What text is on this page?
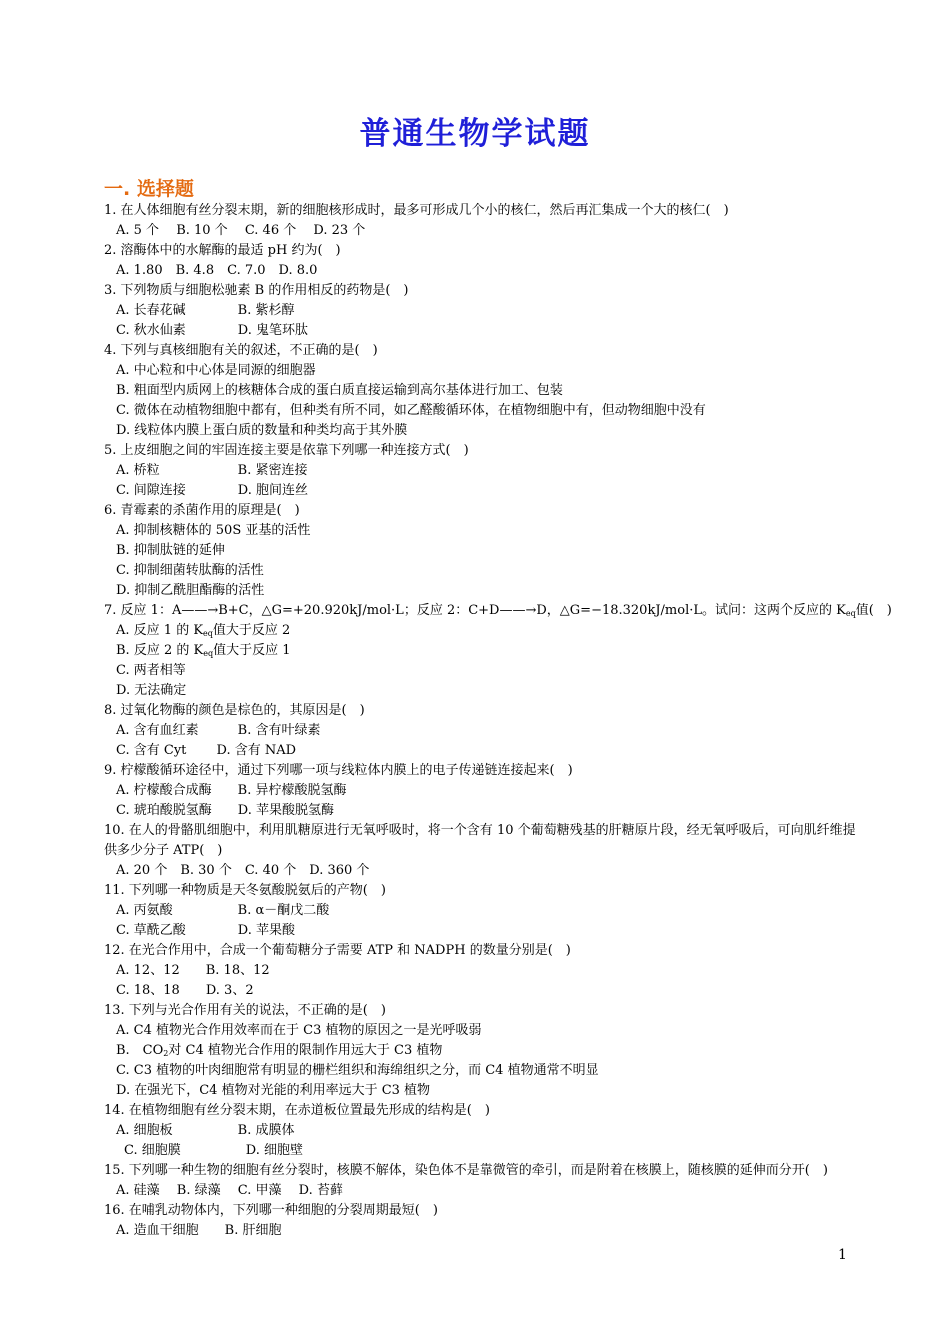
普通生物学试题
一. 选择题
1. 在人体细胞有丝分裂末期，新的细胞核形成时，最多可形成几个小的核仁，然后再汇集成一个大的核仁(　)
A. 5 个　 B. 10 个　 C. 46 个　 D. 23 个
2. 溶酶体中的水解酶的最适 pH 约为(　)
A. 1.80　B. 4.8　C. 7.0　D. 8.0
3. 下列物质与细胞松驰素 B 的作用相反的药物是(　)
A. 长春花碱　　　　B. 紫杉醇
C. 秋水仙素　　　　D. 鬼笔环肽
4. 下列与真核细胞有关的叙述，不正确的是(　)
A. 中心粒和中心体是同源的细胞器
B. 粗面型内质网上的核糖体合成的蛋白质直接运输到高尔基体进行加工、包装
C. 微体在动植物细胞中都有，但种类有所不同，如乙醛酸循环体，在植物细胞中有，但动物细胞中没有
D. 线粒体内膜上蛋白质的数量和种类均高于其外膜
5. 上皮细胞之间的牢固连接主要是依靠下列哪一种连接方式(　)
A. 桥粒　　　　　　B. 紧密连接
C. 间隙连接　　　　D. 胞间连丝
6. 青霉素的杀菌作用的原理是(　)
A. 抑制核糖体的 50S 亚基的活性
B. 抑制肽链的延伸
C. 抑制细菌转肽酶的活性
D. 抑制乙酰胆酯酶的活性
7. 反应 1：A——→B+C，△G=+20.920kJ/mol·L；反应 2：C+D——→D，△G=−18.320kJ/mol·L。试问：这两个反应的 $K_{eq}$值(　)
A. 反应 1 的 $K_{eq}$值大于反应 2
B. 反应 2 的 $K_{eq}$值大于反应 1
C. 两者相等
D. 无法确定
8. 过氧化物酶的颜色是棕色的，其原因是(　)
A. 含有血红素　　　B. 含有叶绿素
C. 含有 Cyt　　 D. 含有 NAD
9. 柠檬酸循环途径中，通过下列哪一项与线粒体内膜上的电子传递链连接起来(　)
A. 柠檬酸合成酶　　B. 异柠檬酸脱氢酶
C. 琥珀酸脱氢酶　　D. 苹果酸脱氢酶
10. 在人的骨骼肌细胞中，利用肌糖原进行无氧呼吸时，将一个含有 10 个葡萄糖残基的肝糖原片段，经无氧呼吸后，可向肌纤维提供多少分子 ATP(　)
A. 20 个　B. 30 个　C. 40 个　D. 360 个
11. 下列哪一种物质是天冬氨酸脱氨后的产物(　)
A. 丙氨酸　　　　　B. α－酮戊二酸
C. 草酰乙酸　　　　D. 苹果酸
12. 在光合作用中，合成一个葡萄糖分子需要 ATP 和 NADPH 的数量分别是(　)
A. 12、12　　B. 18、12
C. 18、18　　D. 3、2
13. 下列与光合作用有关的说法，不正确的是(　)
A. C4 植物光合作用效率而在于 C3 植物的原因之一是光呼吸弱
B.　$CO_2$对 C4 植物光合作用的限制作用远大于 C3 植物
C. C3 植物的叶肉细胞常有明显的栅栏组织和海绵组织之分，而 C4 植物通常不明显
D. 在强光下，C4 植物对光能的利用率远大于 C3 植物
14. 在植物细胞有丝分裂末期，在赤道板位置最先形成的结构是(　)
A. 细胞板　　　　　B. 成膜体
C. 细胞膜　　　　　D. 细胞壁
15. 下列哪一种生物的细胞有丝分裂时，核膜不解体，染色体不是靠微管的牵引，而是附着在核膜上，随核膜的延伸而分开(　)
A. 硅藻　 B. 绿藻　 C. 甲藻　 D. 苔藓
16. 在哺乳动物体内，下列哪一种细胞的分裂周期最短(　)
A. 造血干细胞　　B. 肝细胞
1
